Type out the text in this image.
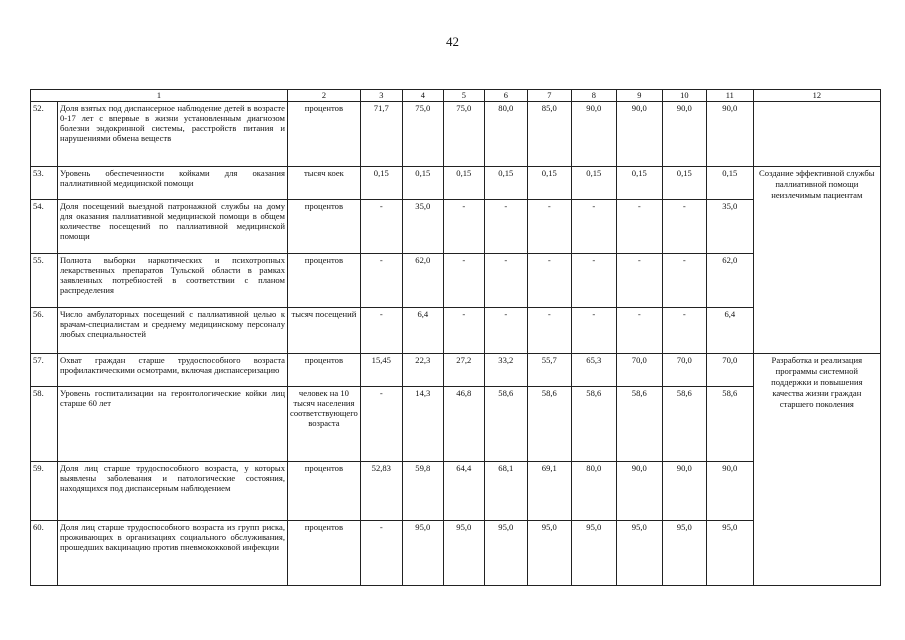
42
1		2	3	4	5	6	7	8	9	10	11	12
52.	Доля взятых под диспансерное наблюдение детей в возрасте 0-17 лет с впервые в жизни установленным диагнозом болезни эндокринной системы, расстройств питания и нарушениями обмена веществ	процентов	71,7	75,0	75,0	80,0	85,0	90,0	90,0	90,0	90,0	
53.	Уровень обеспеченности койками для оказания паллиативной медицинской помощи	тысяч коек	0,15	0,15	0,15	0,15	0,15	0,15	0,15	0,15	0,15	Создание эффективной службы паллиативной помощи неизлечимым пациентам
54.	Доля посещений выездной патронажной службы на дому для оказания паллиативной медицинской помощи в общем количестве посещений по паллиативной медицинской помощи	процентов	-	35,0	-	-	-	-	-	-	35,0	
55.	Полнота выборки наркотических и психотропных лекарственных препаратов Тульской области в рамках заявленных потребностей в соответствии с планом распределения	процентов	-	62,0	-	-	-	-	-	-	62,0	
56.	Число амбулаторных посещений с паллиативной целью к врачам-специалистам и среднему медицинскому персоналу любых специальностей	тысяч посещений	-	6,4	-	-	-	-	-	-	6,4	
57.	Охват граждан старше трудоспособного возраста профилактическими осмотрами, включая диспансеризацию	процентов	15,45	22,3	27,2	33,2	55,7	65,3	70,0	70,0	70,0	Разработка и реализация программы системной поддержки и повышения качества жизни граждан старшего поколения
58.	Уровень госпитализации на геронтологические койки лиц старше 60 лет	человек на 10 тысяч населения соответствующего возраста	-	14,3	46,8	58,6	58,6	58,6	58,6	58,6	58,6	
59.	Доля лиц старше трудоспособного возраста, у которых выявлены заболевания и патологические состояния, находящихся под диспансерным наблюдением	процентов	52,83	59,8	64,4	68,1	69,1	80,0	90,0	90,0	90,0	
60.	Доля лиц старше трудоспособного возраста из групп риска, проживающих в организациях социального обслуживания, прошедших вакцинацию против пневмококковой инфекции	процентов	-	95,0	95,0	95,0	95,0	95,0	95,0	95,0	95,0	
